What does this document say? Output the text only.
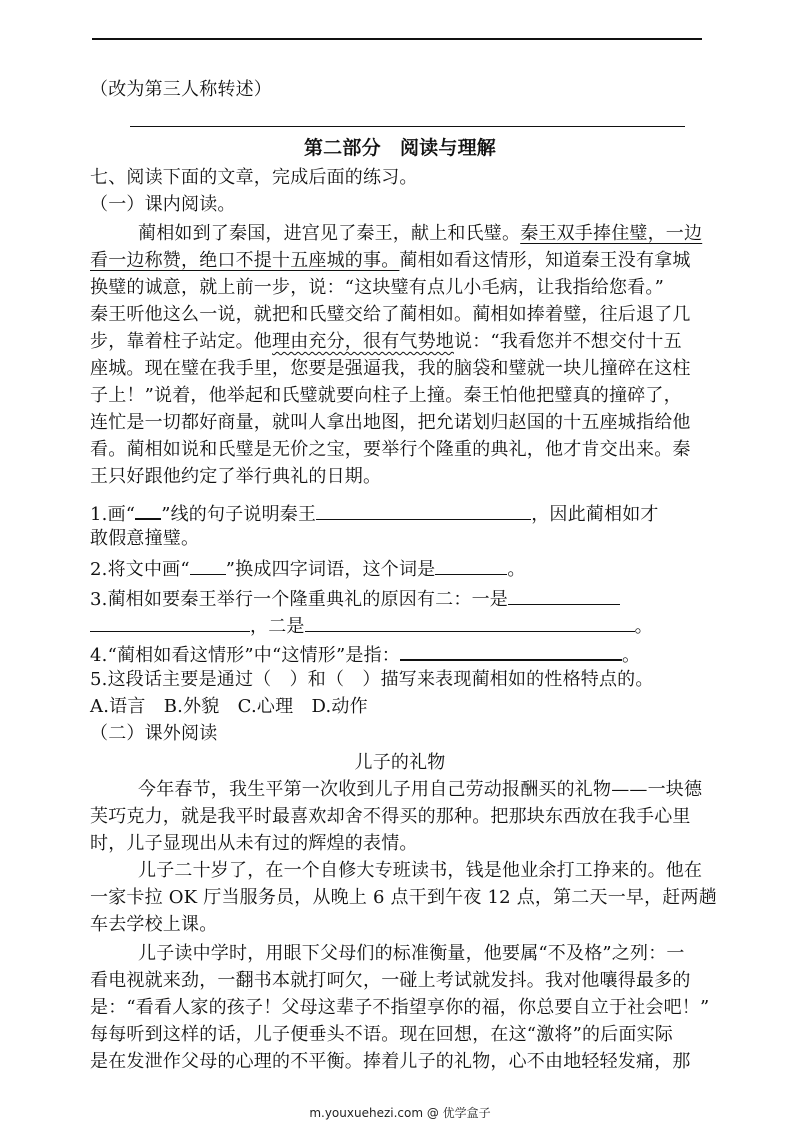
（改为第三人称转述）
第二部分　阅读与理解
七、阅读下面的文章，完成后面的练习。
（一）课内阅读。
蔺相如到了秦国，进宫见了秦王，献上和氏璧。秦王双手捧住璧，一边
看一边称赞，绝口不提十五座城的事。蔺相如看这情形，知道秦王没有拿城
换璧的诚意，就上前一步，说：“这块璧有点儿小毛病，让我指给您看。”
秦王听他这么一说，就把和氏璧交给了蔺相如。蔺相如捧着璧，往后退了几
步，靠着柱子站定。他理由充分，很有气势地说：“我看您并不想交付十五
座城。现在璧在我手里，您要是强逼我，我的脑袋和璧就一块儿撞碎在这柱
子上！”说着，他举起和氏璧就要向柱子上撞。秦王怕他把璧真的撞碎了，
连忙是一切都好商量，就叫人拿出地图，把允诺划归赵国的十五座城指给他
看。蔺相如说和氏璧是无价之宝，要举行个隆重的典礼，他才肯交出来。秦
王只好跟他约定了举行典礼的日期。
1.画“ ”线的句子说明秦王	，因此蔺相如才
敢假意撞璧。
2.将文中画“ ”换成四字词语，这个词是	。
3.蔺相如要秦王举行一个隆重典礼的原因有二：一是
，二是	。
4.“蔺相如看这情形”中“这情形”是指：	。
5.这段话主要是通过（　）和（　）描写来表现蔺相如的性格特点的。
A.语言　B.外貌　C.心理　D.动作
（二）课外阅读
儿子的礼物
今年春节，我生平第一次收到儿子用自己劳动报酬买的礼物——一块德
芙巧克力，就是我平时最喜欢却舍不得买的那种。把那块东西放在我手心里
时，儿子显现出从未有过的辉煌的表情。
儿子二十岁了，在一个自修大专班读书，钱是他业余打工挣来的。他在
一家卡拉 OK 厅当服务员，从晚上 6 点干到午夜 12 点，第二天一早，赶两趟
车去学校上课。
儿子读中学时，用眼下父母们的标准衡量，他要属“不及格”之列：一
看电视就来劲，一翻书本就打呵欠，一碰上考试就发抖。我对他嚷得最多的
是：“看看人家的孩子！父母这辈子不指望享你的福，你总要自立于社会吧！”
每每听到这样的话，儿子便垂头不语。现在回想，在这“激将”的后面实际
是在发泄作父母的心理的不平衡。捧着儿子的礼物，心不由地轻轻发痛，那
m.youxuehezi.com @ 优学盒子
